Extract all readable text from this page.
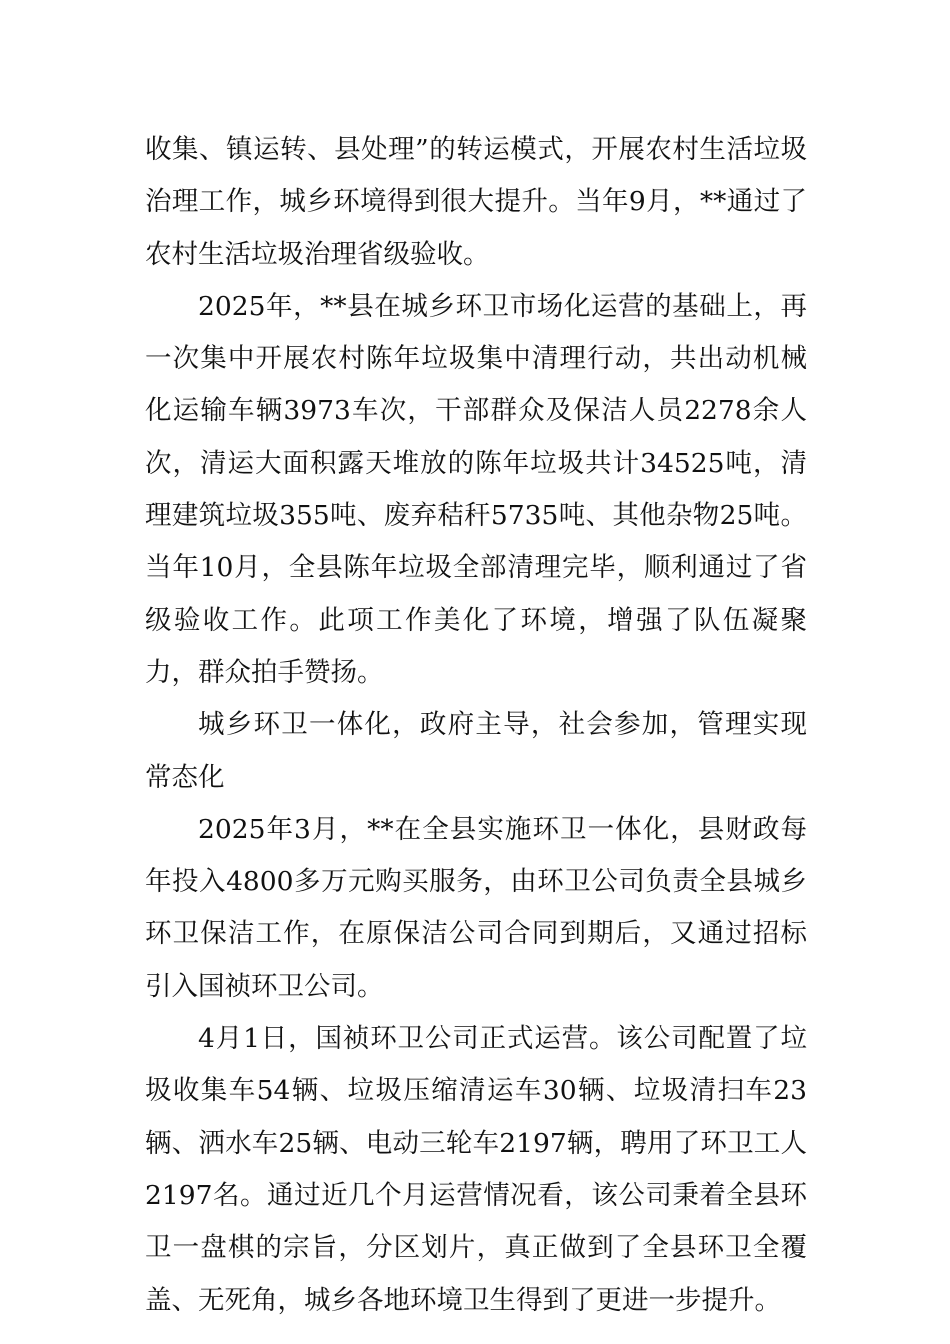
收集、镇运转、县处理”的转运模式，开展农村生活垃圾治理工作，城乡环境得到很大提升。当年9月，**通过了农村生活垃圾治理省级验收。

2025年，**县在城乡环卫市场化运营的基础上，再一次集中开展农村陈年垃圾集中清理行动，共出动机械化运输车辆3973车次，干部群众及保洁人员2278余人次，清运大面积露天堆放的陈年垃圾共计34525吨，清理建筑垃圾355吨、废弃秸秆5735吨、其他杂物25吨。当年10月，全县陈年垃圾全部清理完毕，顺利通过了省级验收工作。此项工作美化了环境，增强了队伍凝聚力，群众拍手赞扬。

城乡环卫一体化，政府主导，社会参加，管理实现常态化

2025年3月，**在全县实施环卫一体化，县财政每年投入4800多万元购买服务，由环卫公司负责全县城乡环卫保洁工作，在原保洁公司合同到期后，又通过招标引入国祯环卫公司。

4月1日，国祯环卫公司正式运营。该公司配置了垃圾收集车54辆、垃圾压缩清运车30辆、垃圾清扫车23辆、洒水车25辆、电动三轮车2197辆，聘用了环卫工人2197名。通过近几个月运营情况看，该公司秉着全县环卫一盘棋的宗旨，分区划片，真正做到了全县环卫全覆盖、无死角，城乡各地环境卫生得到了更进一步提升。
